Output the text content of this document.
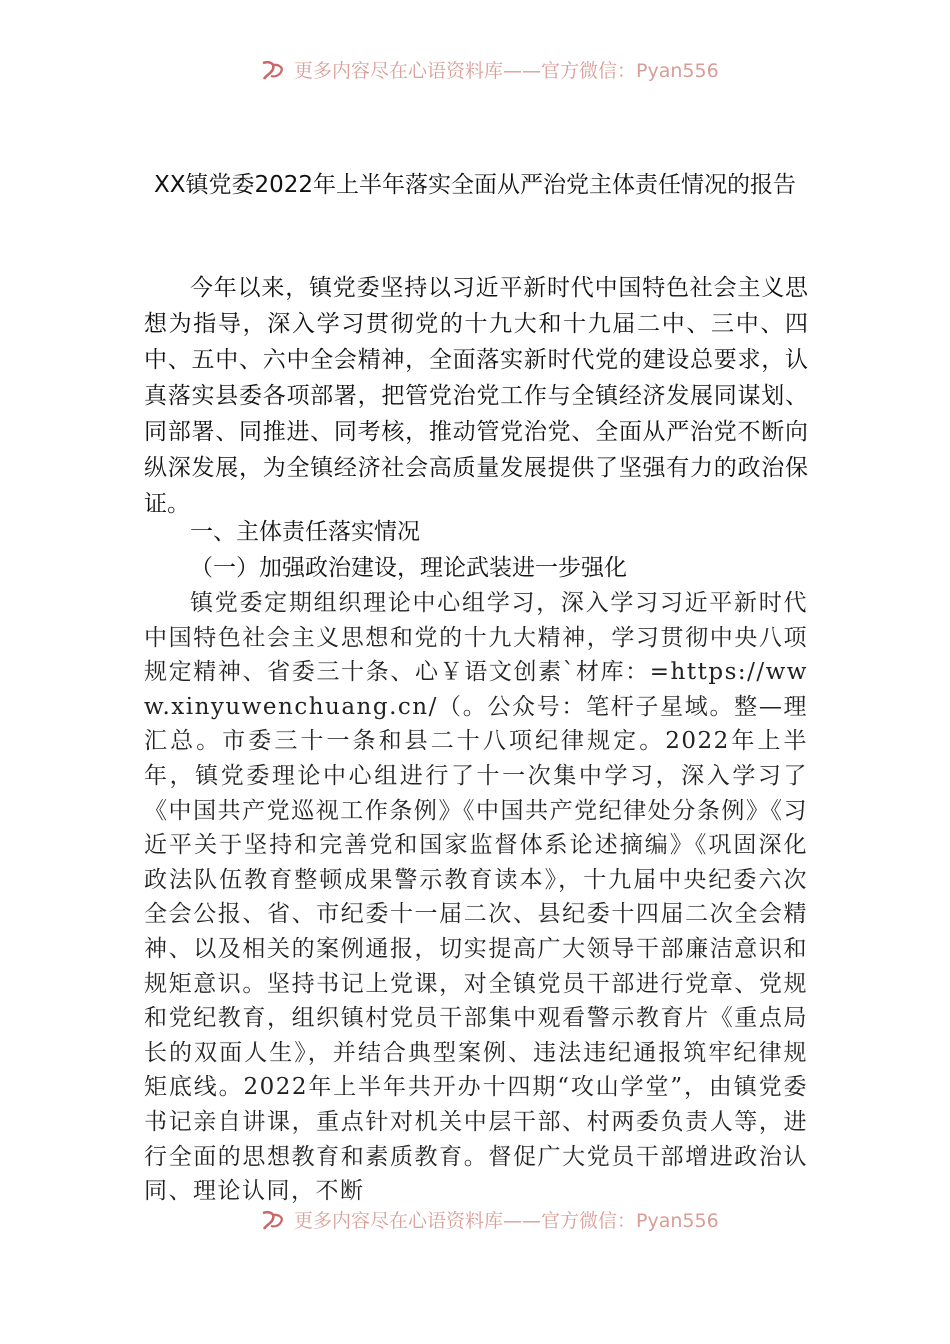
更多内容尽在心语资料库——官方微信：Pyan556
XX镇党委2022年上半年落实全面从严治党主体责任情况的报告
今年以来，镇党委坚持以习近平新时代中国特色社会主义思想为指导，深入学习贯彻党的十九大和十九届二中、三中、四中、五中、六中全会精神，全面落实新时代党的建设总要求，认真落实县委各项部署，把管党治党工作与全镇经济发展同谋划、同部署、同推进、同考核，推动管党治党、全面从严治党不断向纵深发展，为全镇经济社会高质量发展提供了坚强有力的政治保证。
一、主体责任落实情况
（一）加强政治建设，理论武装进一步强化
镇党委定期组织理论中心组学习，深入学习习近平新时代中国特色社会主义思想和党的十九大精神，学习贯彻中央八项规定精神、省委三十条、心￥语文创素`材库：=https://www.xinyuwenchuang.cn/（。公众号：笔杆子星域。整—理汇总。市委三十一条和县二十八项纪律规定。2022年上半年，镇党委理论中心组进行了十一次集中学习，深入学习了《中国共产党巡视工作条例》《中国共产党纪律处分条例》《习近平关于坚持和完善党和国家监督体系论述摘编》《巩固深化政法队伍教育整顿成果警示教育读本》，十九届中央纪委六次全会公报、省、市纪委十一届二次、县纪委十四届二次全会精神、以及相关的案例通报，切实提高广大领导干部廉洁意识和规矩意识。坚持书记上党课，对全镇党员干部进行党章、党规和党纪教育，组织镇村党员干部集中观看警示教育片《重点局长的双面人生》，并结合典型案例、违法违纪通报筑牢纪律规矩底线。2022年上半年共开办十四期“攻山学堂”，由镇党委书记亲自讲课，重点针对机关中层干部、村两委负责人等，进行全面的思想教育和素质教育。督促广大党员干部增进政治认同、理论认同，不断
更多内容尽在心语资料库——官方微信：Pyan556
